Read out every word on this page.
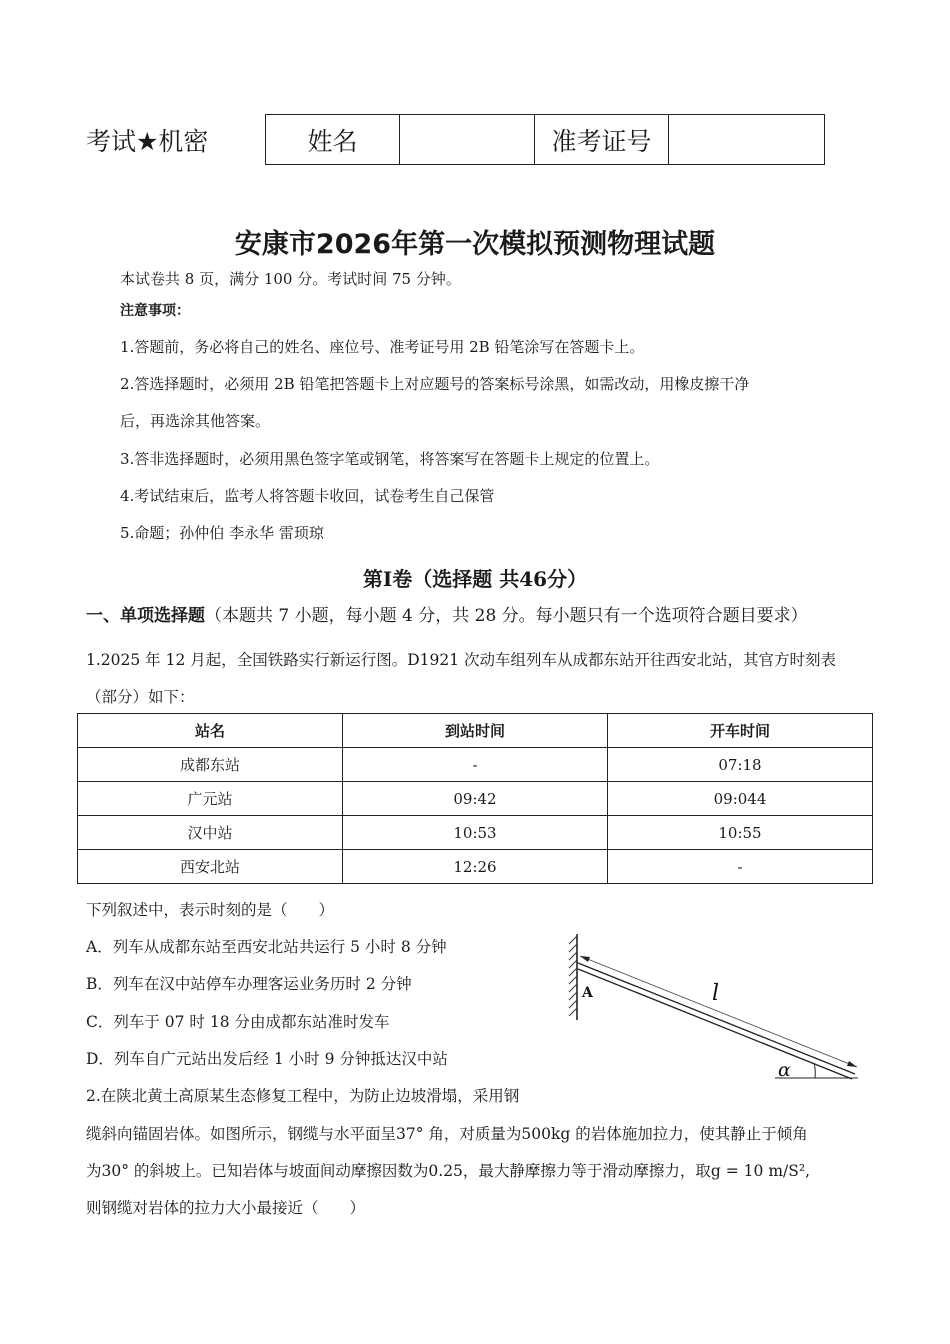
考试★机密	姓名	准考证号
安康市2026年第一次模拟预测物理试题
本试卷共 8 页，满分 100 分。考试时间 75 分钟。
注意事项：
1.答题前，务必将自己的姓名、座位号、准考证号用 2B 铅笔涂写在答题卡上。
2.答选择题时，必须用 2B 铅笔把答题卡上对应题号的答案标号涂黑，如需改动，用橡皮擦干净
后，再选涂其他答案。
3.答非选择题时，必须用黑色签字笔或钢笔，将答案写在答题卡上规定的位置上。
4.考试结束后，监考人将答题卡收回，试卷考生自己保管
5.命题；孙仲伯 李永华 雷顼琼
第Ⅰ卷（选择题 共46分）
一、单项选择题（本题共 7 小题，每小题 4 分，共 28 分。每小题只有一个选项符合题目要求）
1.2025 年 12 月起，全国铁路实行新运行图。D1921 次动车组列车从成都东站开往西安北站，其官方时刻表
（部分）如下：
站名	到站时间	开车时间
成都东站	-	07:18
广元站	09:42	09:044
汉中站	10:53	10:55
西安北站	12:26	-
下列叙述中，表示时刻的是（　　）
A．列车从成都东站至西安北站共运行 5 小时 8 分钟
B．列车在汉中站停车办理客运业务历时 2 分钟
C．列车于 07 时 18 分由成都东站准时发车
D．列车自广元站出发后经 1 小时 9 分钟抵达汉中站
A	l
α
2.在陕北黄土高原某生态修复工程中，为防止边坡滑塌，采用钢
缆斜向锚固岩体。如图所示，钢缆与水平面呈37° 角，对质量为500kg 的岩体施加拉力，使其静止于倾角
为30° 的斜坡上。已知岩体与坡面间动摩擦因数为0.25，最大静摩擦力等于滑动摩擦力，取g = 10 m/S²,
则钢缆对岩体的拉力大小最接近（　　）
